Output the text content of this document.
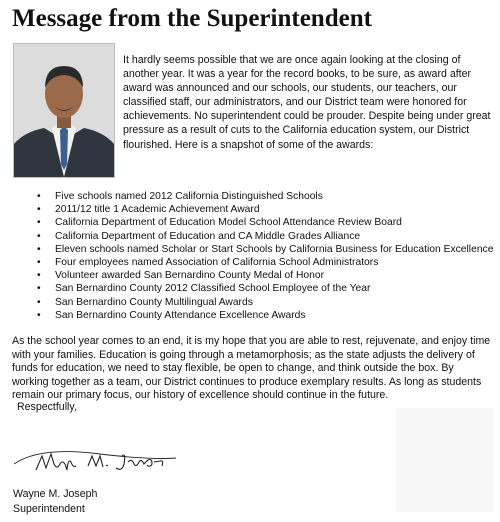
Message from the Superintendent

It hardly seems possible that we are once again looking at the closing of another year. It was a year for the record books, to be sure, as award after award was announced and our schools, our students, our teachers, our classified staff, our administrators, and our District team were honored for achievements. No superintendent could be prouder. Despite being under great pressure as a result of cuts to the California education system, our District flourished. Here is a snapshot of some of the awards:

• Five schools named 2012 California Distinguished Schools
• 2011/12 title 1 Academic Achievement Award
• California Department of Education Model School Attendance Review Board
• California Department of Education and CA Middle Grades Alliance
• Eleven schools named Scholar or Start Schools by California Business for Education Excellence
• Four employees named Association of California School Administrators
• Volunteer awarded San Bernardino County Medal of Honor
• San Bernardino County 2012 Classified School Employee of the Year
• San Bernardino County Multilingual Awards
• San Bernardino County Attendance Excellence Awards

As the school year comes to an end, it is my hope that you are able to rest, rejuvenate, and enjoy time with your families. Education is going through a metamorphosis; as the state adjusts the delivery of funds for education, we need to stay flexible, be open to change, and think outside the box. By working together as a team, our District continues to produce exemplary results. As long as students remain our primary focus, our history of excellence should continue in the future.

Respectfully,

Wayne M. Joseph
Superintendent
